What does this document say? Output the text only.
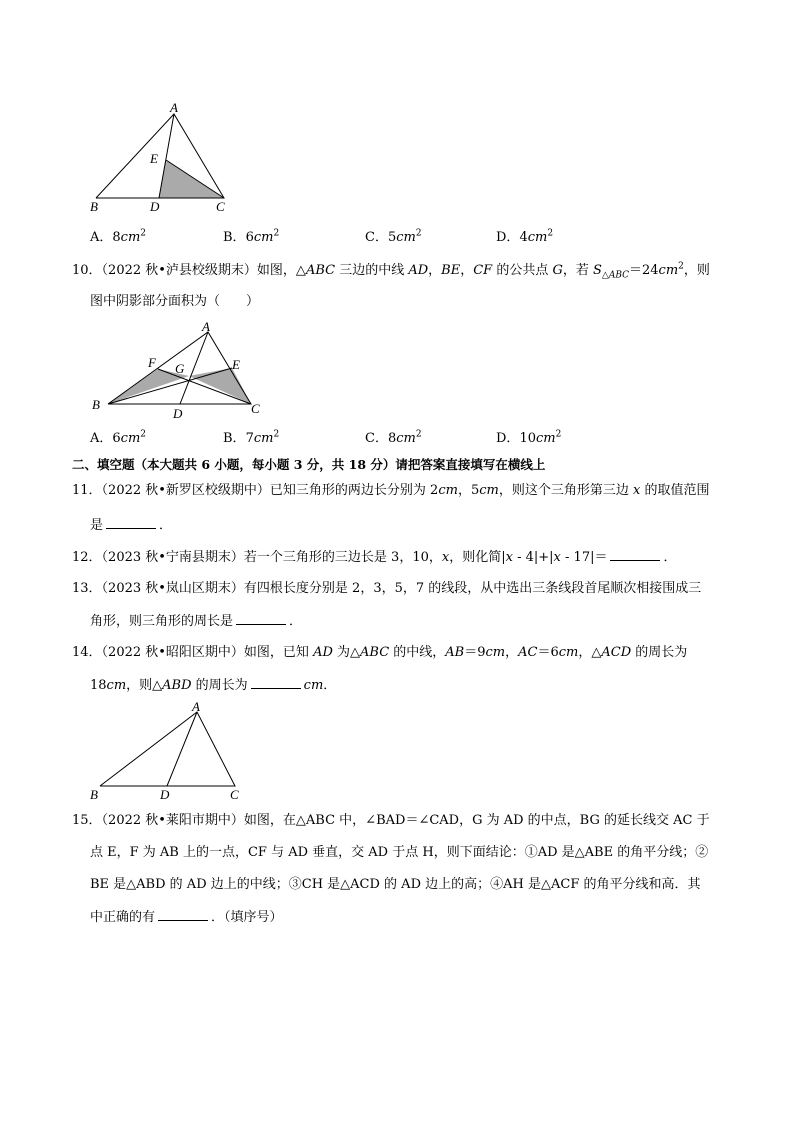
A
E
B	D	C
A．$8cm^2$	B．$6cm^2$	C．$5cm^2$	D．$4cm^2$
10．（2022 秋•泸县校级期末）如图，△ABC 三边的中线 AD，BE，CF 的公共点 G，若 $S_{\triangle ABC}=24cm^2$，则
图中阴影部分面积为（　　）
A
F	E
G
B
D	C
A．$6cm^2$	B．$7cm^2$	C．$8cm^2$	D．$10cm^2$
二、填空题（本大题共 6 小题，每小题 3 分，共 18 分）请把答案直接填写在横线上
11．（2022 秋•新罗区校级期中）已知三角形的两边长分别为 2cm，5cm，则这个三角形第三边 x 的取值范围
是	．
12．（2023 秋•宁南县期末）若一个三角形的三边长是 3，10，x，则化简|x - 4|+|x - 17|＝	．
13．（2023 秋•岚山区期末）有四根长度分别是 2，3，5，7 的线段，从中选出三条线段首尾顺次相接围成三
角形，则三角形的周长是	．
14．（2022 秋•昭阳区期中）如图，已知 AD 为△ABC 的中线，AB＝9cm，AC＝6cm，△ACD 的周长为
18cm，则△ABD 的周长为	cm．
A
B	D	C
15．（2022 秋•莱阳市期中）如图，在△ABC 中，∠BAD＝∠CAD，G 为 AD 的中点，BG 的延长线交 AC 于
点 E，F 为 AB 上的一点，CF 与 AD 垂直，交 AD 于点 H，则下面结论：①AD 是△ABE 的角平分线；②
BE 是△ABD 的 AD 边上的中线；③CH 是△ACD 的 AD 边上的高；④AH 是△ACF 的角平分线和高．其
中正确的有	．（填序号）
